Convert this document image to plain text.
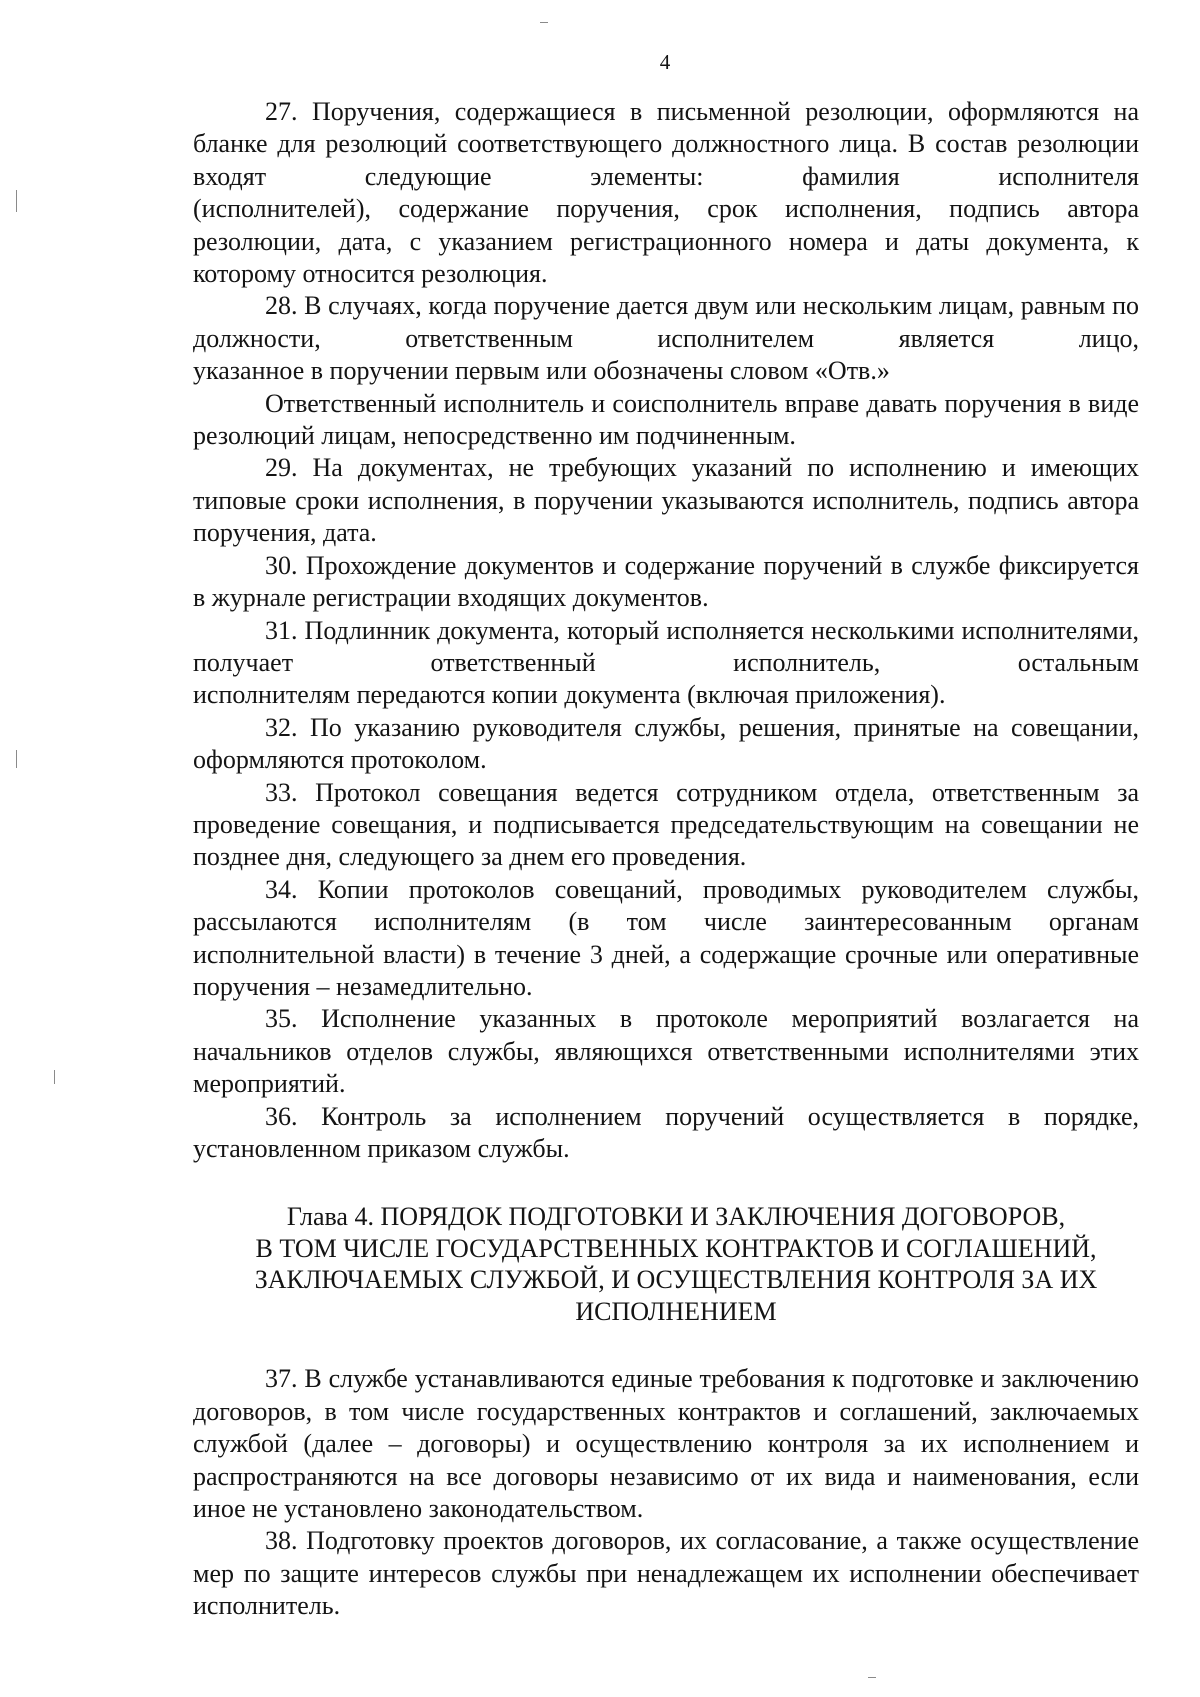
4

27. Поручения, содержащиеся в письменной резолюции, оформляются на бланке для резолюций соответствующего должностного лица. В состав резолюции входят следующие элементы: фамилия исполнителя

(исполнителей), содержание поручения, срок исполнения, подпись автора резолюции, дата, с указанием регистрационного номера и даты документа, к которому относится резолюция.

28. В случаях, когда поручение дается двум или нескольким лицам, равным по должности, ответственным исполнителем является лицо,

указанное в поручении первым или обозначены словом «Отв.»

Ответственный исполнитель и соисполнитель вправе давать поручения в виде резолюций лицам, непосредственно им подчиненным.

29. На документах, не требующих указаний по исполнению и имеющих типовые сроки исполнения, в поручении указываются исполнитель, подпись автора поручения, дата.

30. Прохождение документов и содержание поручений в службе фиксируется в журнале регистрации входящих документов.

31. Подлинник документа, который исполняется несколькими исполнителями, получает ответственный исполнитель, остальным

исполнителям передаются копии документа (включая приложения).

32. По указанию руководителя службы, решения, принятые на совещании, оформляются протоколом.

33. Протокол совещания ведется сотрудником отдела, ответственным за проведение совещания, и подписывается председательствующим на совещании не позднее дня, следующего за днем его проведения.

34. Копии протоколов совещаний, проводимых руководителем службы, рассылаются исполнителям (в том числе заинтересованным органам исполнительной власти) в течение 3 дней, а содержащие срочные или оперативные поручения – незамедлительно.

35. Исполнение указанных в протоколе мероприятий возлагается на начальников отделов службы, являющихся ответственными исполнителями этих мероприятий.

36. Контроль за исполнением поручений осуществляется в порядке, установленном приказом службы.

Глава 4. ПОРЯДОК ПОДГОТОВКИ И ЗАКЛЮЧЕНИЯ ДОГОВОРОВ,
В ТОМ ЧИСЛЕ ГОСУДАРСТВЕННЫХ КОНТРАКТОВ И СОГЛАШЕНИЙ,
ЗАКЛЮЧАЕМЫХ СЛУЖБОЙ, И ОСУЩЕСТВЛЕНИЯ КОНТРОЛЯ ЗА ИХ
ИСПОЛНЕНИЕМ

37. В службе устанавливаются единые требования к подготовке и заключению договоров, в том числе государственных контрактов и соглашений, заключаемых службой (далее – договоры) и осуществлению контроля за их исполнением и распространяются на все договоры независимо от их вида и наименования, если иное не установлено законодательством.

38. Подготовку проектов договоров, их согласование, а также осуществление мер по защите интересов службы при ненадлежащем их исполнении обеспечивает исполнитель.
